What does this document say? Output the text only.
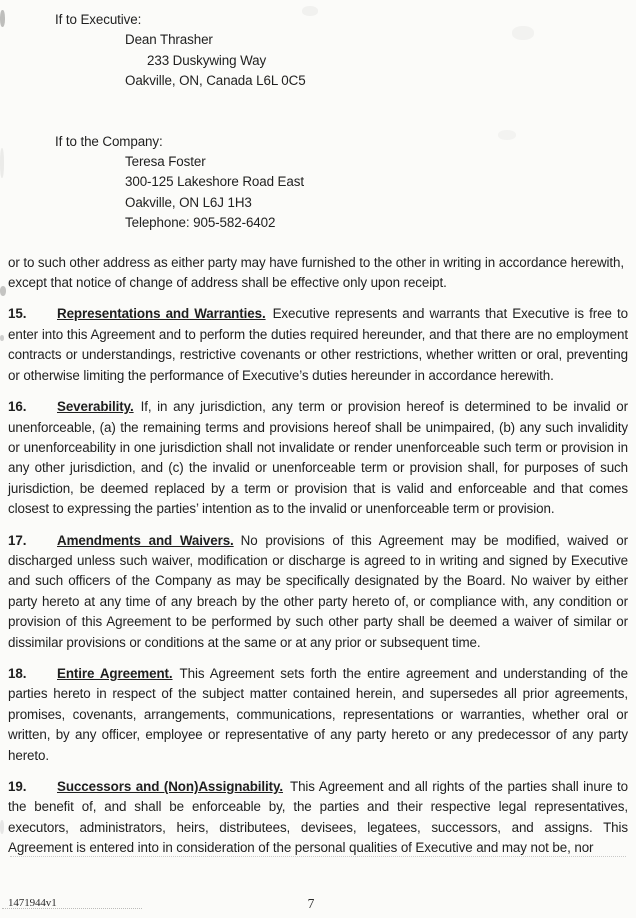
If to Executive:
Dean Thrasher
233 Duskywing Way
Oakville, ON, Canada L6L 0C5
If to the Company:
Teresa Foster
300-125 Lakeshore Road East
Oakville, ON L6J 1H3
Telephone: 905-582-6402

or to such other address as either party may have furnished to the other in writing in accordance herewith, except that notice of change of address shall be effective only upon receipt.

15. Representations and Warranties. Executive represents and warrants that Executive is free to enter into this Agreement and to perform the duties required hereunder, and that there are no employment contracts or understandings, restrictive covenants or other restrictions, whether written or oral, preventing or otherwise limiting the performance of Executive’s duties hereunder in accordance herewith.

16. Severability. If, in any jurisdiction, any term or provision hereof is determined to be invalid or unenforceable, (a) the remaining terms and provisions hereof shall be unimpaired, (b) any such invalidity or unenforceability in one jurisdiction shall not invalidate or render unenforceable such term or provision in any other jurisdiction, and (c) the invalid or unenforceable term or provision shall, for purposes of such jurisdiction, be deemed replaced by a term or provision that is valid and enforceable and that comes closest to expressing the parties’ intention as to the invalid or unenforceable term or provision.

17. Amendments and Waivers. No provisions of this Agreement may be modified, waived or discharged unless such waiver, modification or discharge is agreed to in writing and signed by Executive and such officers of the Company as may be specifically designated by the Board. No waiver by either party hereto at any time of any breach by the other party hereto of, or compliance with, any condition or provision of this Agreement to be performed by such other party shall be deemed a waiver of similar or dissimilar provisions or conditions at the same or at any prior or subsequent time.

18. Entire Agreement. This Agreement sets forth the entire agreement and understanding of the parties hereto in respect of the subject matter contained herein, and supersedes all prior agreements, promises, covenants, arrangements, communications, representations or warranties, whether oral or written, by any officer, employee or representative of any party hereto or any predecessor of any party hereto.

19. Successors and (Non)Assignability. This Agreement and all rights of the parties shall inure to the benefit of, and shall be enforceable by, the parties and their respective legal representatives, executors, administrators, heirs, distributees, devisees, legatees, successors, and assigns. This Agreement is entered into in consideration of the personal qualities of Executive and may not be, nor

1471944v1	7
